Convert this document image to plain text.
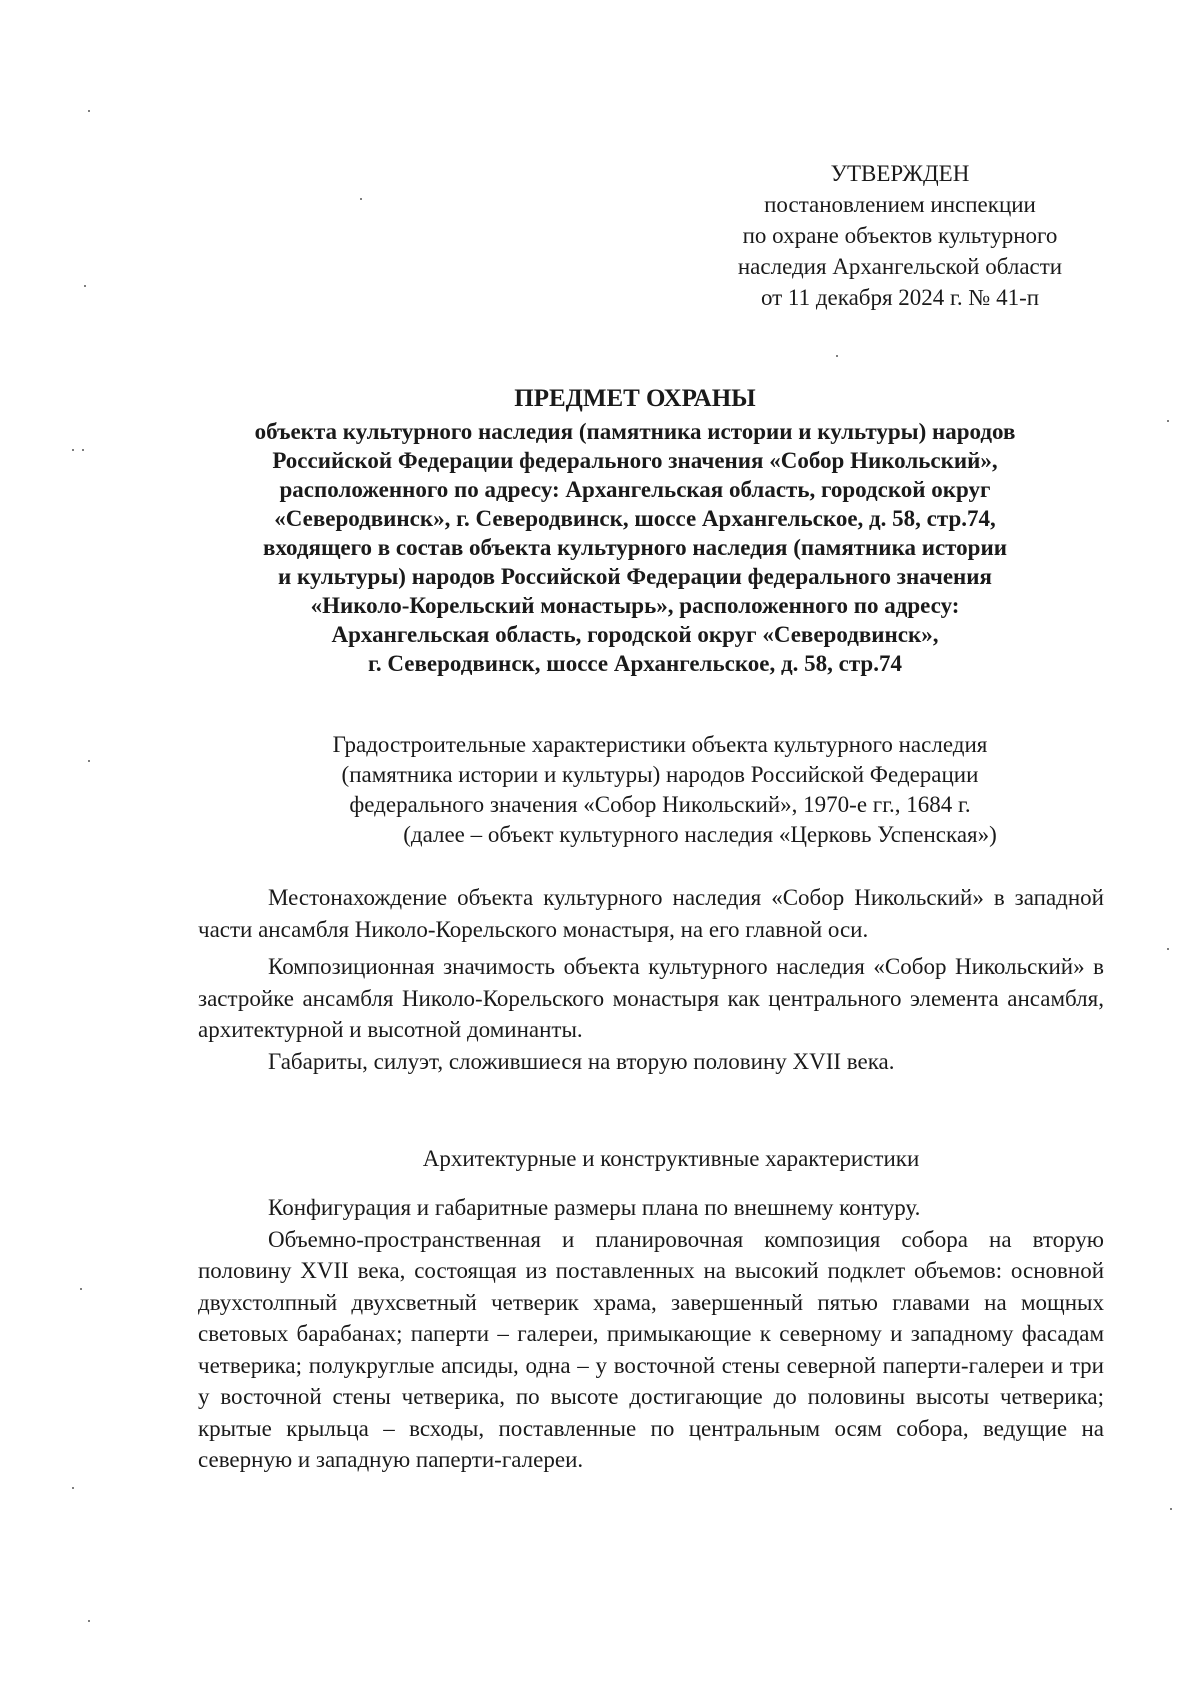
УТВЕРЖДЕН
постановлением инспекции
по охране объектов культурного
наследия Архангельской области
от 11 декабря 2024 г. № 41-п
ПРЕДМЕТ ОХРАНЫ
объекта культурного наследия (памятника истории и культуры) народов
Российской Федерации федерального значения «Собор Никольский»,
расположенного по адресу: Архангельская область, городской округ
«Северодвинск», г. Северодвинск, шоссе Архангельское, д. 58, стр.74,
входящего в состав объекта культурного наследия (памятника истории
и культуры) народов Российской Федерации федерального значения
«Николо-Корельский монастырь», расположенного по адресу:
Архангельская область, городской округ «Северодвинск»,
г. Северодвинск, шоссе Архангельское, д. 58, стр.74
Градостроительные характеристики объекта культурного наследия
(памятника истории и культуры) народов Российской Федерации
федерального значения «Собор Никольский», 1970-е гг., 1684 г.
(далее – объект культурного наследия «Церковь Успенская»)
Местонахождение объекта культурного наследия «Собор Никольский» в западной части ансамбля Николо-Корельского монастыря, на его главной оси.
Композиционная значимость объекта культурного наследия «Собор Никольский» в застройке ансамбля Николо-Корельского монастыря как центрального элемента ансамбля, архитектурной и высотной доминанты.
Габариты, силуэт, сложившиеся на вторую половину XVII века.
Архитектурные и конструктивные характеристики
Конфигурация и габаритные размеры плана по внешнему контуру.
Объемно-пространственная и планировочная композиция собора на вторую половину XVII века, состоящая из поставленных на высокий подклет объемов: основной двухстолпный двухсветный четверик храма, завершенный пятью главами на мощных световых барабанах; паперти – галереи, примыкающие к северному и западному фасадам четверика; полукруглые апсиды, одна – у восточной стены северной паперти-галереи и три у восточной стены четверика, по высоте достигающие до половины высоты четверика; крытые крыльца – всходы, поставленные по центральным осям собора, ведущие на северную и западную паперти-галереи.
